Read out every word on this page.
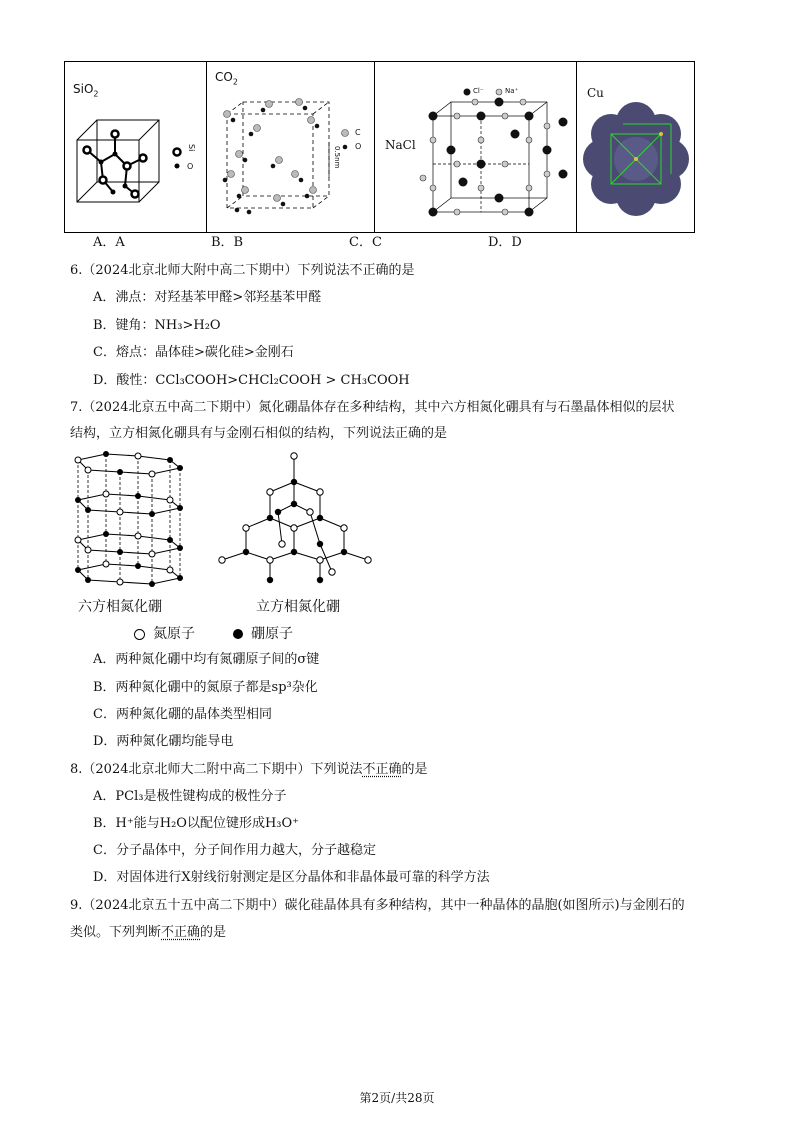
SiO$_2$
Si
O
$CO_2$
C
O
0.5nm
NaCl
Cl⁻	Na⁺	Cu
A．A	B．B	C．C	D．D
6.（2024北京北师大附中高二下期中）下列说法不正确的是
A．沸点：对羟基苯甲醛>邻羟基苯甲醛
B．键角：NH₃>H₂O
C．熔点：晶体硅>碳化硅>金刚石
D．酸性：CCl₃COOH>CHCl₂COOH > CH₃COOH
7.（2024北京五中高二下期中）氮化硼晶体存在多种结构，其中六方相氮化硼具有与石墨晶体相似的层状
结构，立方相氮化硼具有与金刚石相似的结构，下列说法正确的是
六方相氮化硼	立方相氮化硼
氮原子	硼原子
A．两种氮化硼中均有氮硼原子间的σ键
B．两种氮化硼中的氮原子都是sp³杂化
C．两种氮化硼的晶体类型相同
D．两种氮化硼均能导电
8.（2024北京北师大二附中高二下期中）下列说法不正确的是
A．PCl₃是极性键构成的极性分子
B．H⁺能与H₂O以配位键形成H₃O⁺
C．分子晶体中，分子间作用力越大，分子越稳定
D．对固体进行X射线衍射测定是区分晶体和非晶体最可靠的科学方法
9.（2024北京五十五中高二下期中）碳化硅晶体具有多种结构，其中一种晶体的晶胞(如图所示)与金刚石的
类似。下列判断不正确的是
第2页/共28页
